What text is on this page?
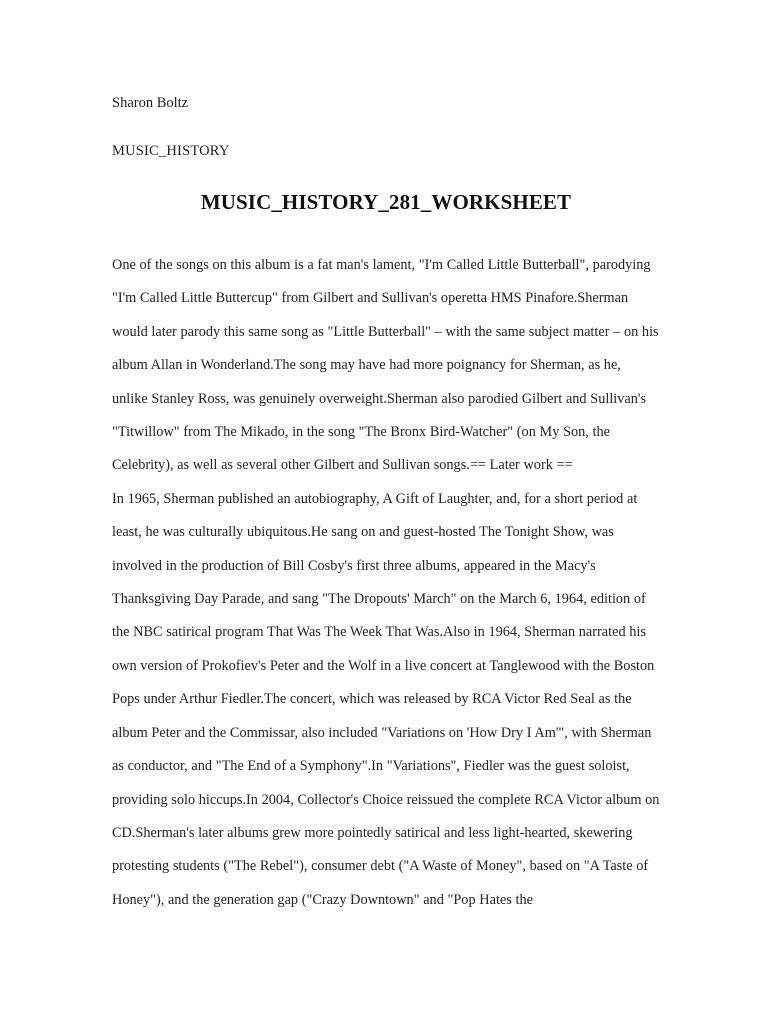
Sharon Boltz
MUSIC_HISTORY
MUSIC_HISTORY_281_WORKSHEET

One of the songs on this album is a fat man's lament, "I'm Called Little Butterball", parodying "I'm Called Little Buttercup" from Gilbert and Sullivan's operetta HMS Pinafore.Sherman would later parody this same song as "Little Butterball" – with the same subject matter – on his album Allan in Wonderland.The song may have had more poignancy for Sherman, as he, unlike Stanley Ross, was genuinely overweight.Sherman also parodied Gilbert and Sullivan's "Titwillow" from The Mikado, in the song "The Bronx Bird-Watcher" (on My Son, the Celebrity), as well as several other Gilbert and Sullivan songs.== Later work ==

In 1965, Sherman published an autobiography, A Gift of Laughter, and, for a short period at least, he was culturally ubiquitous.He sang on and guest-hosted The Tonight Show, was involved in the production of Bill Cosby's first three albums, appeared in the Macy's Thanksgiving Day Parade, and sang "The Dropouts' March" on the March 6, 1964, edition of the NBC satirical program That Was The Week That Was.Also in 1964, Sherman narrated his own version of Prokofiev's Peter and the Wolf in a live concert at Tanglewood with the Boston Pops under Arthur Fiedler.The concert, which was released by RCA Victor Red Seal as the album Peter and the Commissar, also included "Variations on 'How Dry I Am'", with Sherman as conductor, and "The End of a Symphony".In "Variations", Fiedler was the guest soloist, providing solo hiccups.In 2004, Collector's Choice reissued the complete RCA Victor album on CD.Sherman's later albums grew more pointedly satirical and less light-hearted, skewering protesting students ("The Rebel"), consumer debt ("A Waste of Money", based on "A Taste of Honey"), and the generation gap ("Crazy Downtown" and "Pop Hates the
